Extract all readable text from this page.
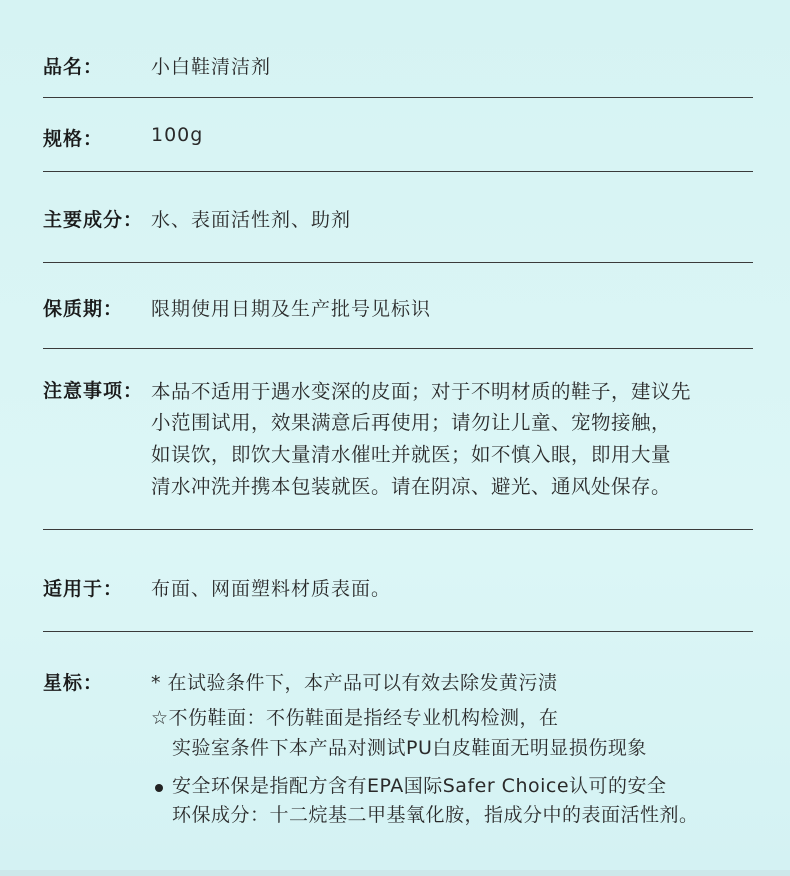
品名：	小白鞋清洁剂
规格：	100g
主要成分： 水、表面活性剂、助剂
保质期： 限期使用日期及生产批号见标识
注意事项： 本品不适用于遇水变深的皮面；对于不明材质的鞋子，建议先
小范围试用，效果满意后再使用；请勿让儿童、宠物接触，
如误饮，即饮大量清水催吐并就医；如不慎入眼，即用大量
清水冲洗并携本包装就医。请在阴凉、避光、通风处保存。
适用于： 布面、网面塑料材质表面。
星标：	* 在试验条件下，本产品可以有效去除发黄污渍
☆不伤鞋面：不伤鞋面是指经专业机构检测，在
实验室条件下本产品对测试PU白皮鞋面无明显损伤现象
安全环保是指配方含有EPA国际Safer Choice认可的安全
环保成分：十二烷基二甲基氧化胺，指成分中的表面活性剂。
